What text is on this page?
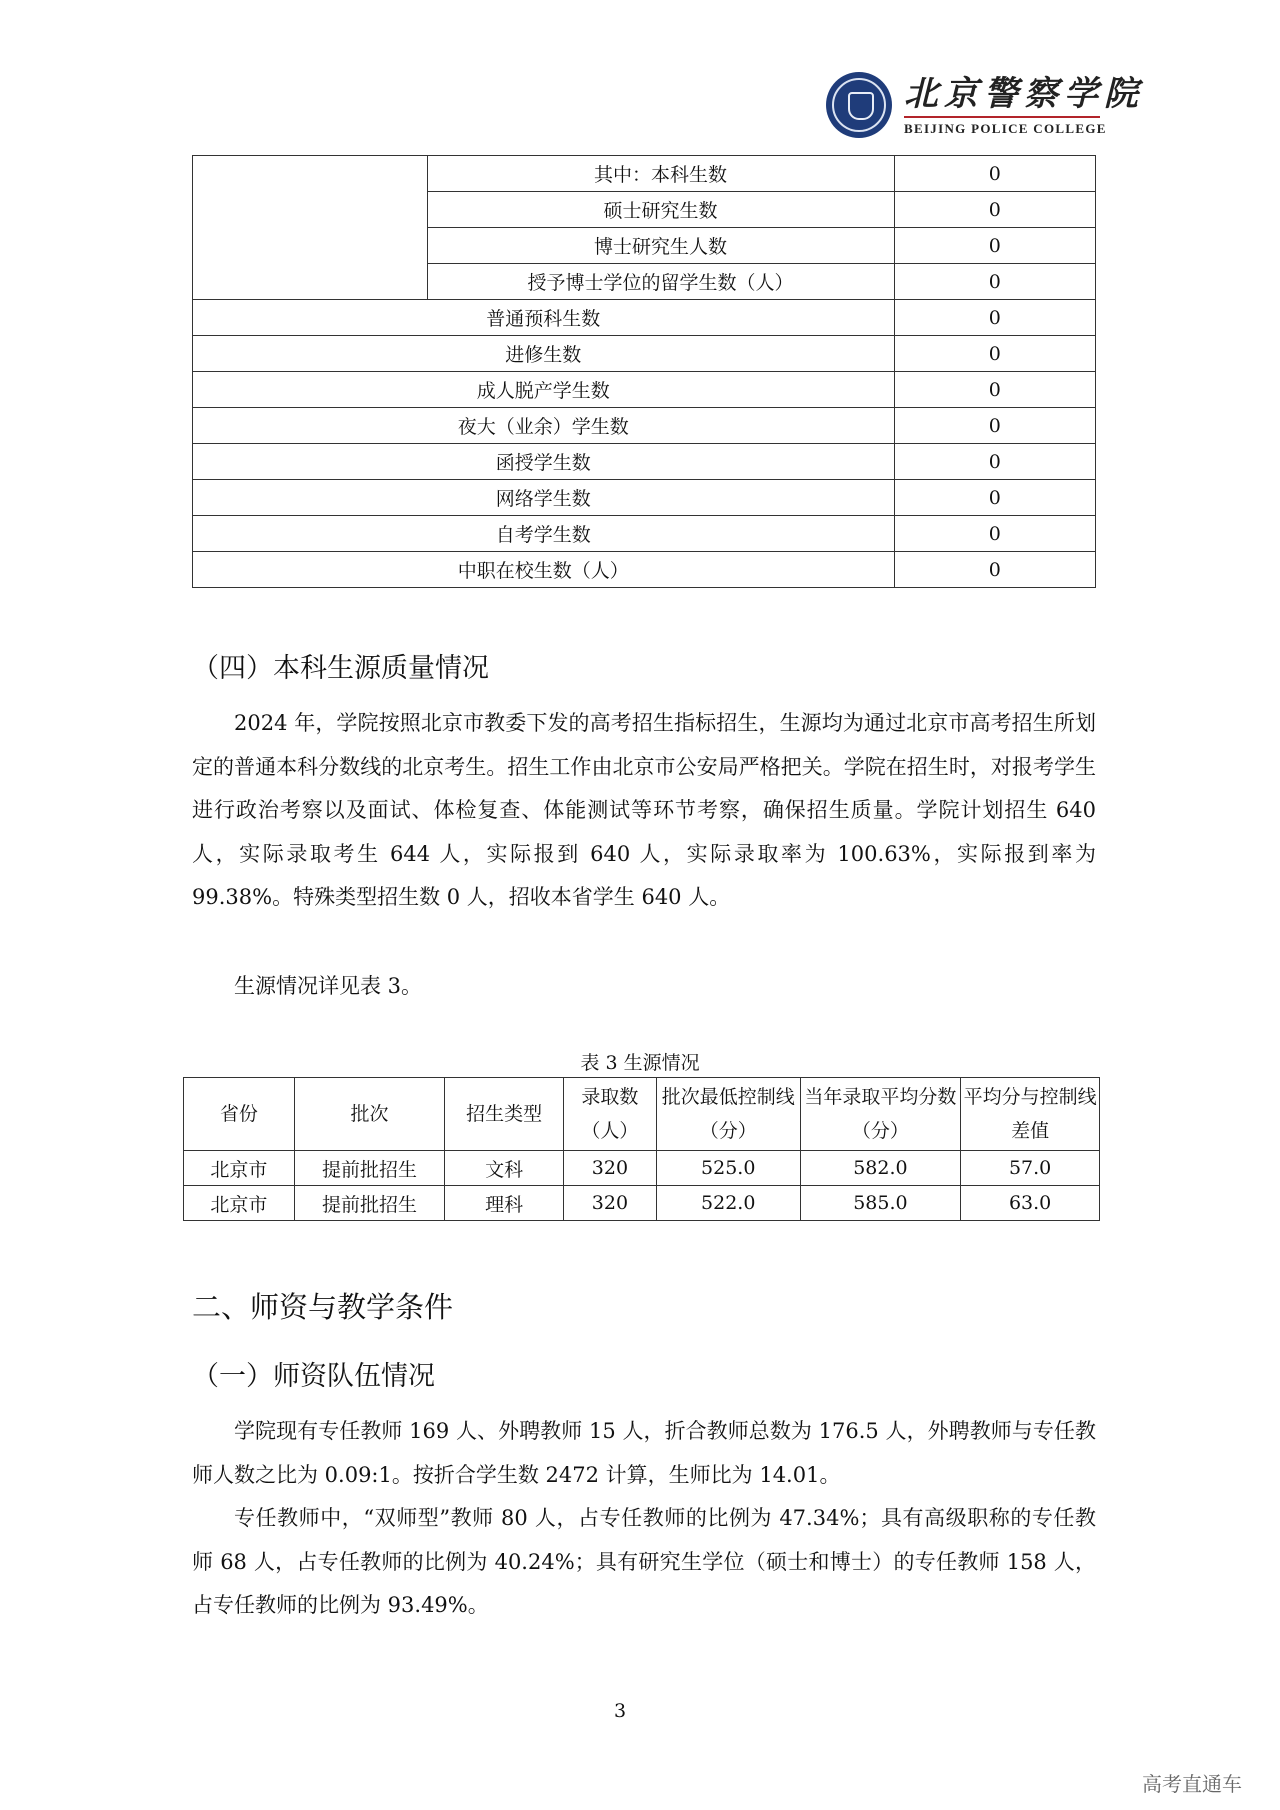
北京警察学院
BEIJING POLICE COLLEGE
	其中：本科生数	0
	硕士研究生数	0
	博士研究生人数	0
	授予博士学位的留学生数（人）	0
普通预科生数		0
进修生数		0
成人脱产学生数		0
夜大（业余）学生数		0
函授学生数		0
网络学生数		0
自考学生数		0
中职在校生数（人）		0
（四）本科生源质量情况

2024 年，学院按照北京市教委下发的高考招生指标招生，生源均为通过北京市高考招生所划定的普通本科分数线的北京考生。招生工作由北京市公安局严格把关。学院在招生时，对报考学生进行政治考察以及面试、体检复查、体能测试等环节考察，确保招生质量。学院计划招生 640 人，实际录取考生 644 人，实际报到 640 人，实际录取率为 100.63%，实际报到率为 99.38%。特殊类型招生数 0 人，招收本省学生 640 人。

生源情况详见表 3。

表 3 生源情况
省份	批次	招生类型	录取数（人）	批次最低控制线（分）	当年录取平均分数（分）	平均分与控制线差值
北京市	提前批招生	文科	320	525.0	582.0	57.0
北京市	提前批招生	理科	320	522.0	585.0	63.0
二、师资与教学条件
（一）师资队伍情况

学院现有专任教师 169 人、外聘教师 15 人，折合教师总数为 176.5 人，外聘教师与专任教师人数之比为 0.09:1。按折合学生数 2472 计算，生师比为 14.01。

专任教师中，“双师型”教师 80 人，占专任教师的比例为 47.34%；具有高级职称的专任教师 68 人，占专任教师的比例为 40.24%；具有研究生学位（硕士和博士）的专任教师 158 人，占专任教师的比例为 93.49%。

3
高考直通车
